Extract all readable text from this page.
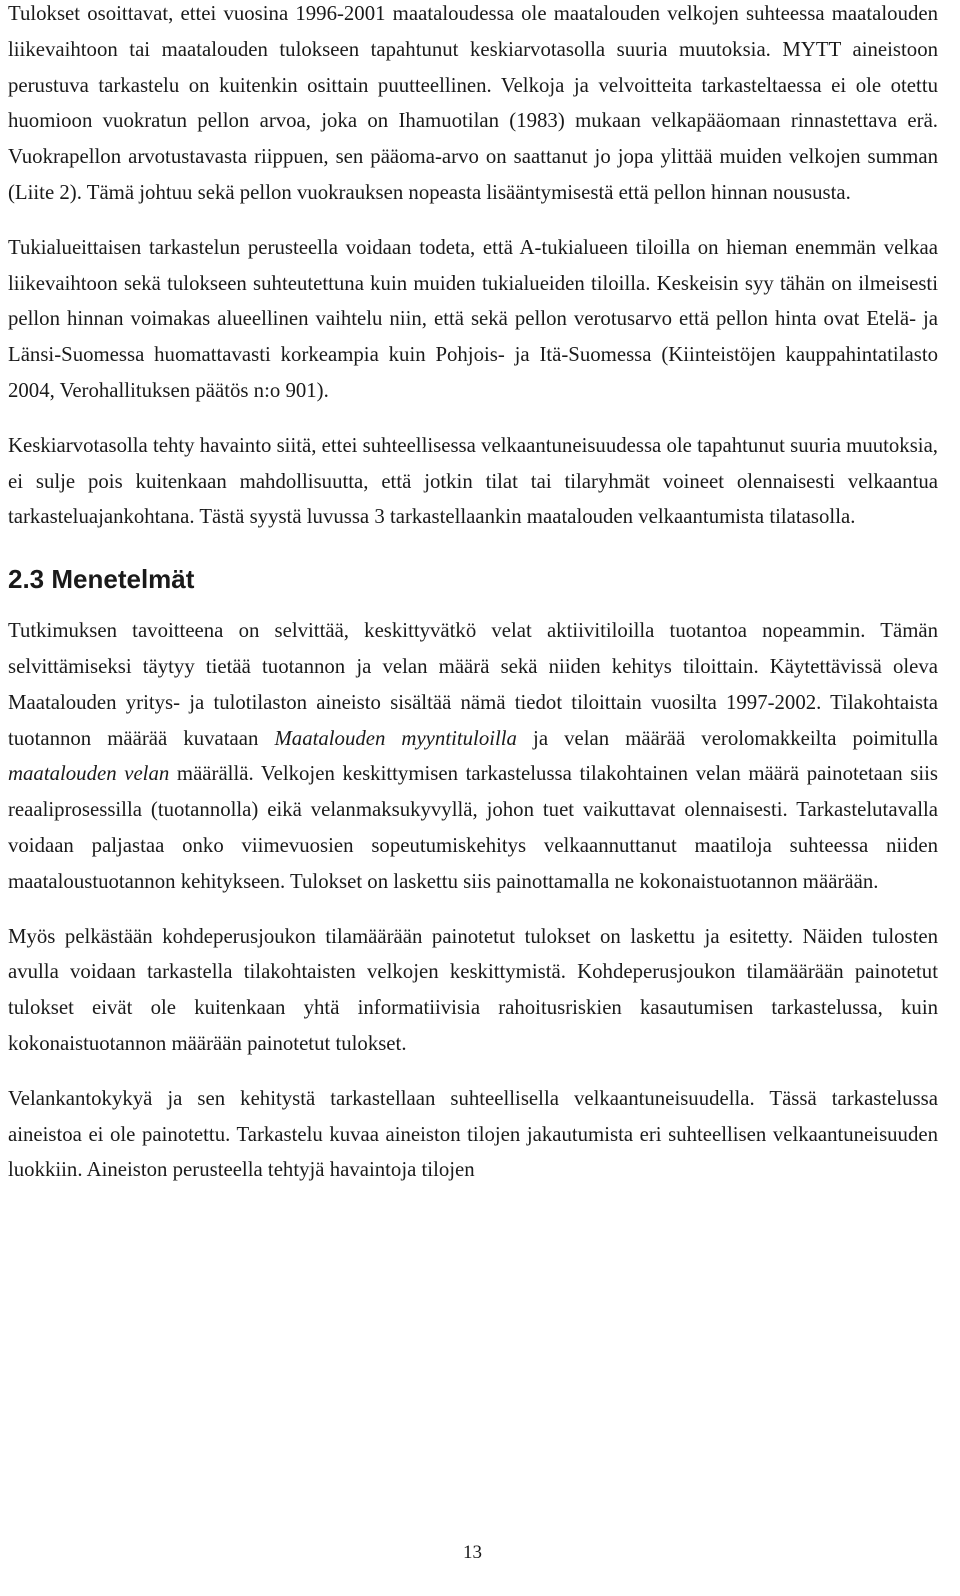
Tulokset osoittavat, ettei vuosina 1996-2001 maataloudessa ole maatalouden velkojen suhteessa maatalouden liikevaihtoon tai maatalouden tulokseen tapahtunut keskiarvotasolla suuria muutoksia. MYTT aineistoon perustuva tarkastelu on kuitenkin osittain puutteellinen. Velkoja ja velvoitteita tarkasteltaessa ei ole otettu huomioon vuokratun pellon arvoa, joka on Ihamuotilan (1983) mukaan velkapääomaan rinnastettava erä. Vuokrapellon arvotustavasta riippuen, sen pääoma-arvo on saattanut jo jopa ylittää muiden velkojen summan (Liite 2). Tämä johtuu sekä pellon vuokrauksen nopeasta lisääntymisestä että pellon hinnan noususta.

Tukialueittaisen tarkastelun perusteella voidaan todeta, että A-tukialueen tiloilla on hieman enemmän velkaa liikevaihtoon sekä tulokseen suhteutettuna kuin muiden tukialueiden tiloilla. Keskeisin syy tähän on ilmeisesti pellon hinnan voimakas alueellinen vaihtelu niin, että sekä pellon verotusarvo että pellon hinta ovat Etelä- ja Länsi-Suomessa huomattavasti korkeampia kuin Pohjois- ja Itä-Suomessa (Kiinteistöjen kauppahintatilasto 2004, Verohallituksen päätös n:o 901).

Keskiarvotasolla tehty havainto siitä, ettei suhteellisessa velkaantuneisuudessa ole tapahtunut suuria muutoksia, ei sulje pois kuitenkaan mahdollisuutta, että jotkin tilat tai tilaryhmät voineet olennaisesti velkaantua tarkasteluajankohtana. Tästä syystä luvussa 3 tarkastellaankin maatalouden velkaantumista tilatasolla.

2.3 Menetelmät

Tutkimuksen tavoitteena on selvittää, keskittyvätkö velat aktiivitiloilla tuotantoa nopeammin. Tämän selvittämiseksi täytyy tietää tuotannon ja velan määrä sekä niiden kehitys tiloittain. Käytettävissä oleva Maatalouden yritys- ja tulotilaston aineisto sisältää nämä tiedot tiloittain vuosilta 1997-2002. Tilakohtaista tuotannon määrää kuvataan Maatalouden myyntituloilla ja velan määrää verolomakkeilta poimitulla maatalouden velan määrällä. Velkojen keskittymisen tarkastelussa tilakohtainen velan määrä painotetaan siis reaaliprosessilla (tuotannolla) eikä velanmaksukyvyllä, johon tuet vaikuttavat olennaisesti. Tarkastelutavalla voidaan paljastaa onko viimevuosien sopeutumiskehitys velkaannuttanut maatiloja suhteessa niiden maataloustuotannon kehitykseen. Tulokset on laskettu siis painottamalla ne kokonaistuotannon määrään.

Myös pelkästään kohdeperusjoukon tilamäärään painotetut tulokset on laskettu ja esitetty. Näiden tulosten avulla voidaan tarkastella tilakohtaisten velkojen keskittymistä. Kohdeperusjoukon tilamäärään painotetut tulokset eivät ole kuitenkaan yhtä informatiivisia rahoitusriskien kasautumisen tarkastelussa, kuin kokonaistuotannon määrään painotetut tulokset.

Velankantokykyä ja sen kehitystä tarkastellaan suhteellisella velkaantuneisuudella. Tässä tarkastelussa aineistoa ei ole painotettu. Tarkastelu kuvaa aineiston tilojen jakautumista eri suhteellisen velkaantuneisuuden luokkiin. Aineiston perusteella tehtyjä havaintoja tilojen

13
